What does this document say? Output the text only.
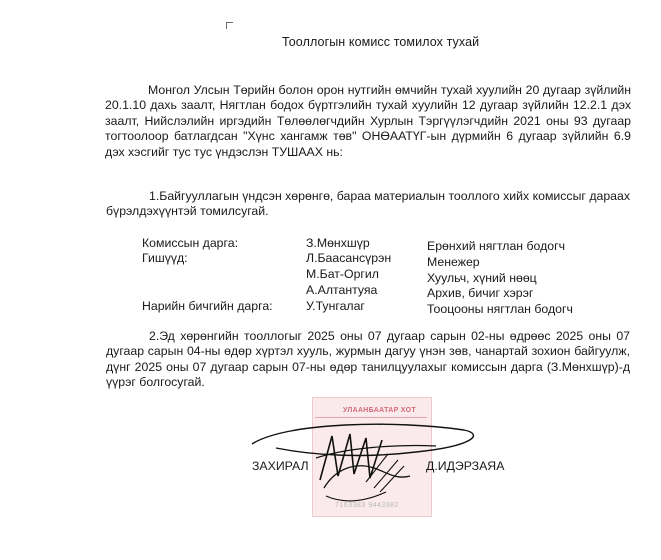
Тооллогын комисс томилох тухай

Монгол Улсын Төрийн болон орон нутгийн өмчийн тухай хуулийн 20 дугаар зүйлийн 20.1.10 дахь заалт, Нягтлан бодох бүртгэлийн тухай хуулийн 12 дугаар зүйлийн 12.2.1 дэх заалт, Нийслэлийн иргэдийн Төлөөлөгчдийн Хурлын Тэргүүлэгчдийн 2021 оны 93 дугаар тогтоолоор батлагдсан "Хүнс хангамж төв" ОНӨААТҮГ-ын дүрмийн 6 дугаар зүйлийн 6.9 дэх хэсгийг тус тус үндэслэн ТУШААХ нь:

1.Байгууллагын үндсэн хөрөнгө, бараа материалын тооллого хийх комиссыг дараах бүрэлдэхүүнтэй томилсугай.

Комиссын дарга:
Гишүүд:
Нарийн бичгийн дарга:
З.Мөнхшүр
Л.Баасансүрэн
М.Бат-Оргил
А.Алтантуяа
У.Тунгалаг
Ерөнхий нягтлан бодогч
Менежер
Хуульч, хүний нөөц
Архив, бичиг хэрэг
Тооцооны нягтлан бодогч

2.Эд хөрөнгийн тооллогыг 2025 оны 07 дугаар сарын 02-ны өдрөөс 2025 оны 07 дугаар сарын 04-ны өдөр хүртэл хууль, журмын дагуу үнэн зөв, чанартай зохион байгуулж, дүнг 2025 оны 07 дугаар сарын 07-ны өдөр танилцуулахыг комиссын дарга (З.Мөнхшүр)-д үүрэг болгосугай.

УЛААНБААТАР ХОТ
7163383 9443382
ЗАХИРАЛ	Д.ИДЭРЗАЯА
